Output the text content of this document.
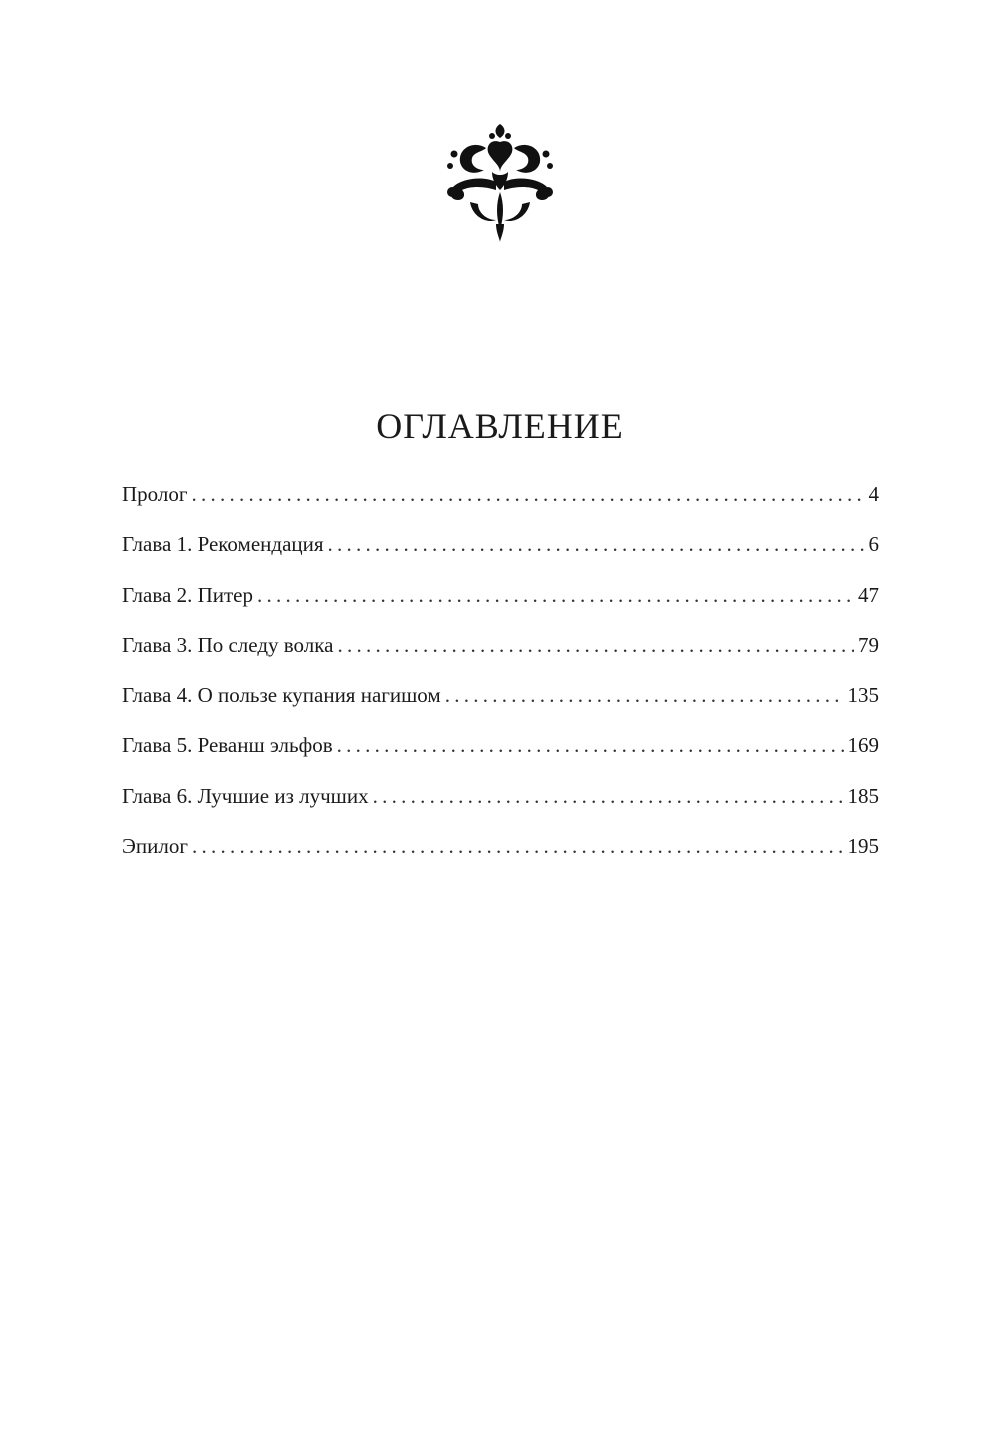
ОГЛАВЛЕНИЕ
Пролог . . .	4
Глава 1. Рекомендация . . .	6
Глава 2. Питер . . .	47
Глава 3. По следу волка . . .	79
Глава 4. О пользе купания нагишом . . .	135
Глава 5. Реванш эльфов . . .	169
Глава 6. Лучшие из лучших . . .	185
Эпилог . . .	195
